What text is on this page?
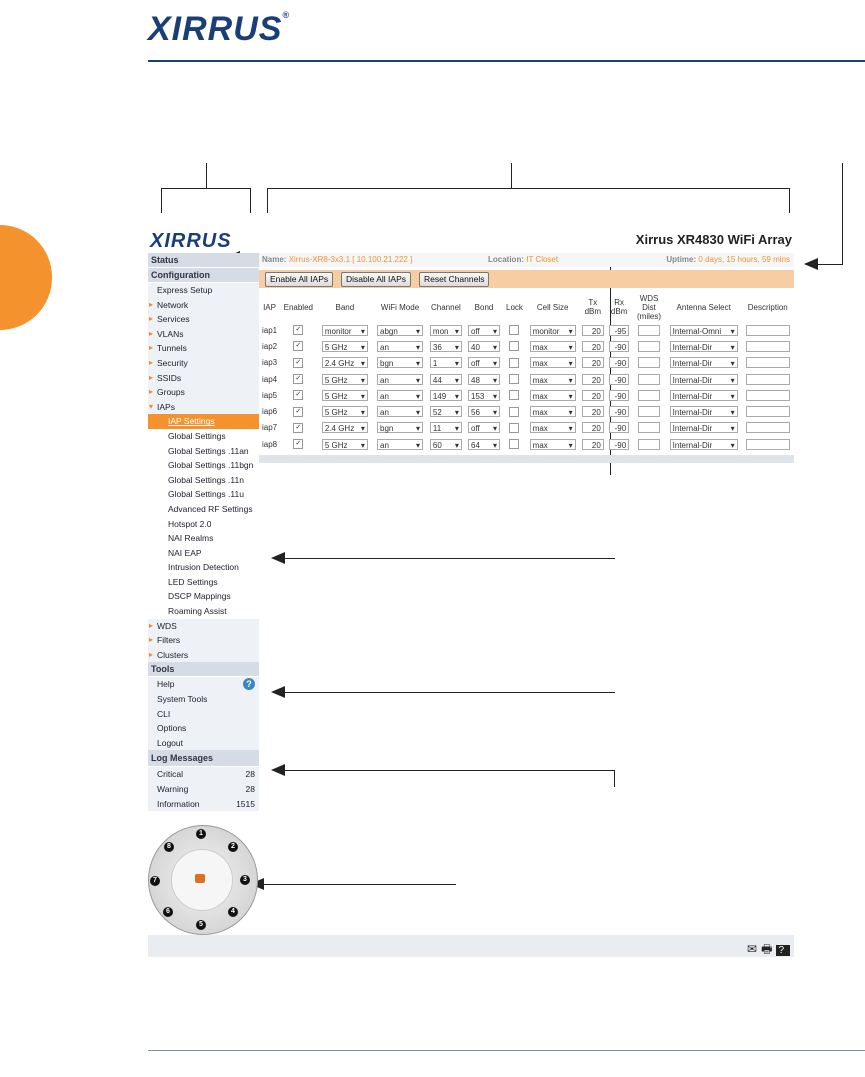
XIRRUS®
XIRRUS	Xirrus XR4830 WiFi Array
Name: Xirrus-XR8-3x3.1 [ 10.100.21.222 ]	Location: IT Closet	Uptime: 0 days, 15 hours, 59 mins
Enable All IAPs	Disable All IAPs	Reset Channels
Status
Configuration
Express Setup
▸ Network
▸ Services
▸ VLANs
▸ Tunnels
▸ Security
▸ SSIDs
▸ Groups
▾ IAPs
IAP Settings
Global Settings
Global Settings .11an
Global Settings .11bgn
Global Settings .11n
Global Settings .11u
Advanced RF Settings
Hotspot 2.0
NAI Realms
NAI EAP
Intrusion Detection
LED Settings
DSCP Mappings
Roaming Assist
▸ WDS
▸ Filters
▸ Clusters
Tools
Help	?
System Tools
CLI
Options
Logout
Log Messages
Critical	28
Warning	28
Information	1515
IAP	Enabled	Band	WiFi Mode	Channel	Bond	Lock	Cell Size	Tx dBm	Rx dBm	WDS Dist (miles)	Antenna Select	Description
iap1	✓	monitor ▾	abgn ▾	mon ▾	off ▾		monitor ▾	20	-95		Internal-Omni ▾	
iap2	✓	5 GHz ▾	an ▾	36 ▾	40 ▾		max ▾	20	-90		Internal-Dir ▾	
iap3	✓	2.4 GHz ▾	bgn ▾	1 ▾	off ▾		max ▾	20	-90		Internal-Dir ▾	
iap4	✓	5 GHz ▾	an ▾	44 ▾	48 ▾		max ▾	20	-90		Internal-Dir ▾	
iap5	✓	5 GHz ▾	an ▾	149 ▾	153 ▾		max ▾	20	-90		Internal-Dir ▾	
iap6	✓	5 GHz ▾	an ▾	52 ▾	56 ▾		max ▾	20	-90		Internal-Dir ▾	
iap7	✓	2.4 GHz ▾	bgn ▾	11 ▾	off ▾		max ▾	20	-90		Internal-Dir ▾	
iap8	✓	5 GHz ▾	an ▾	60 ▾	64 ▾		max ▾	20	-90		Internal-Dir ▾	
1
2
3
4
5
6
7
8
✉🖶 ?
